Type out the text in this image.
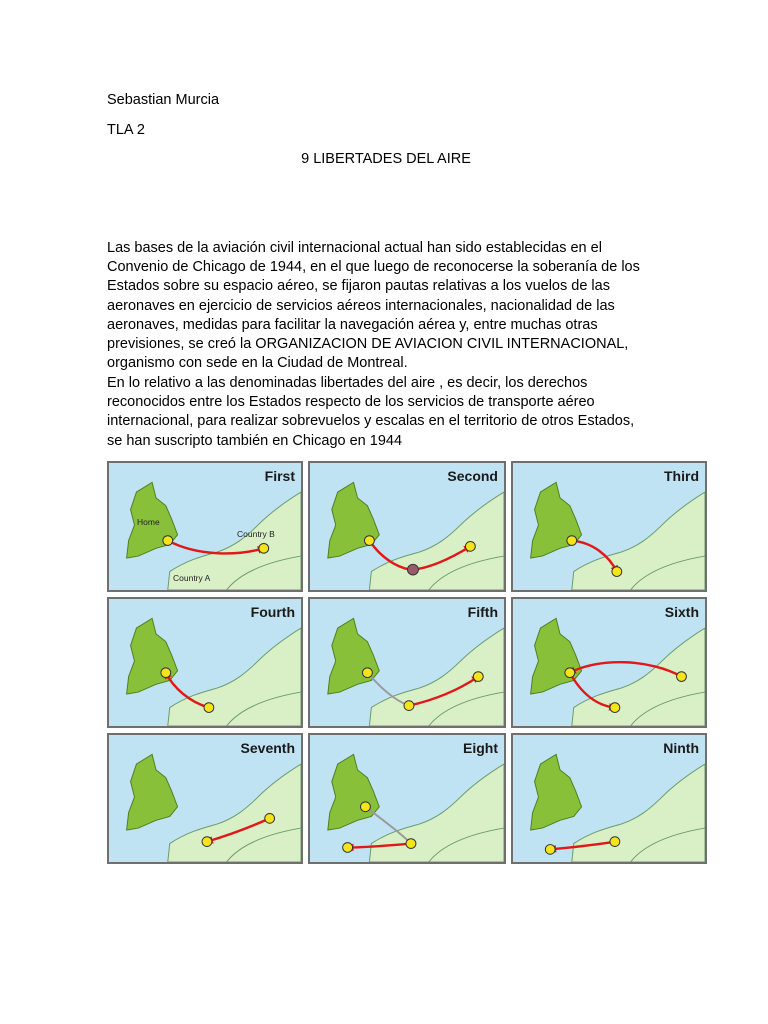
Sebastian Murcia
TLA 2
9 LIBERTADES DEL AIRE

Las bases de la aviación civil internacional actual han sido establecidas en el
Convenio de Chicago de 1944, en el que luego de reconocerse la soberanía de los
Estados sobre su espacio aéreo, se fijaron pautas relativas a los vuelos de las
aeronaves en ejercicio de servicios aéreos internacionales, nacionalidad de las
aeronaves, medidas para facilitar la navegación aérea y, entre muchas otras
previsiones, se creó la ORGANIZACION DE AVIACION CIVIL INTERNACIONAL,
organismo con sede en la Ciudad de Montreal.

En lo relativo a las denominadas libertades del aire , es decir, los derechos
reconocidos entre los Estados respecto de los servicios de transporte aéreo
internacional, para realizar sobrevuelos y escalas en el territorio de otros Estados,
se han suscripto también en Chicago en 1944

First
Home
Country B
Country A
Second	Third
Fourth	Fifth	Sixth
Seventh	Eight	Ninth
